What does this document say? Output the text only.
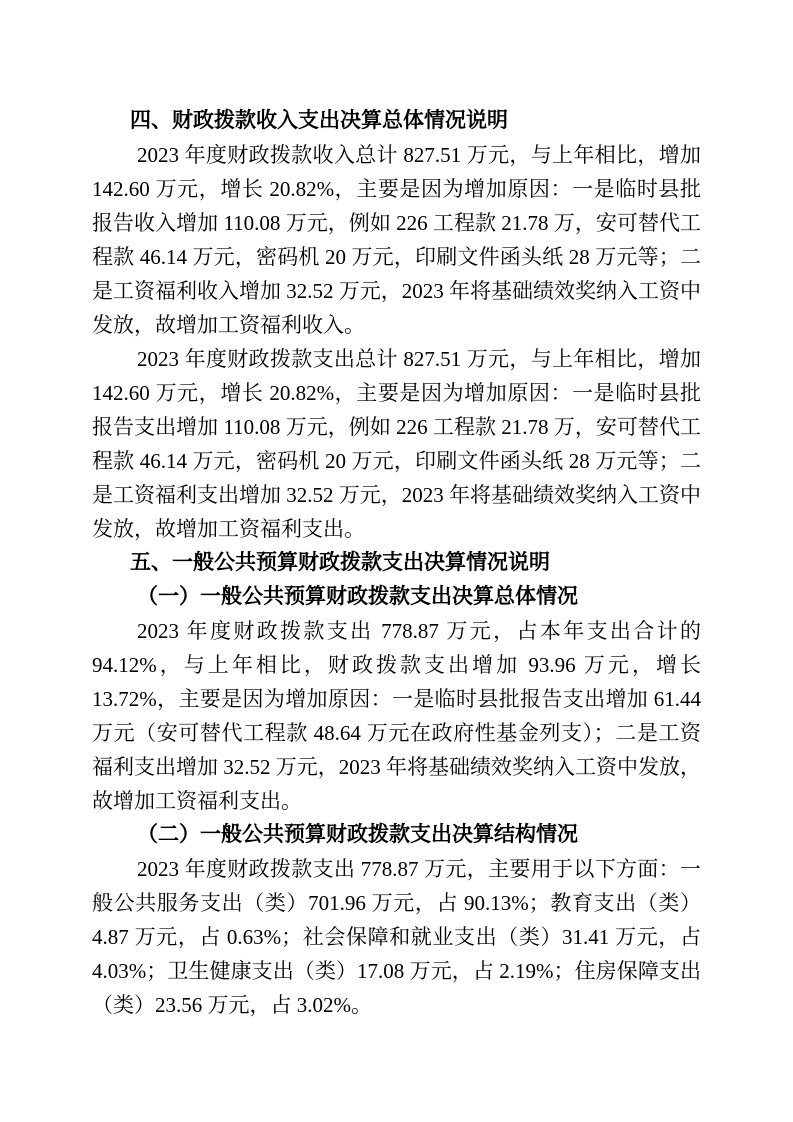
四、财政拨款收入支出决算总体情况说明

2023 年度财政拨款收入总计 827.51 万元，与上年相比，增加 142.60 万元，增长 20.82%，主要是因为增加原因：一是临时县批报告收入增加 110.08 万元，例如 226 工程款 21.78 万，安可替代工程款 46.14 万元，密码机 20 万元，印刷文件函头纸 28 万元等；二是工资福利收入增加 32.52 万元，2023 年将基础绩效奖纳入工资中发放，故增加工资福利收入。

2023 年度财政拨款支出总计 827.51 万元，与上年相比，增加 142.60 万元，增长 20.82%，主要是因为增加原因：一是临时县批报告支出增加 110.08 万元，例如 226 工程款 21.78 万，安可替代工程款 46.14 万元，密码机 20 万元，印刷文件函头纸 28 万元等；二是工资福利支出增加 32.52 万元，2023 年将基础绩效奖纳入工资中发放，故增加工资福利支出。

五、一般公共预算财政拨款支出决算情况说明
（一）一般公共预算财政拨款支出决算总体情况

2023 年度财政拨款支出 778.87 万元，占本年支出合计的 94.12%，与上年相比，财政拨款支出增加 93.96 万元，增长 13.72%，主要是因为增加原因：一是临时县批报告支出增加 61.44 万元（安可替代工程款 48.64 万元在政府性基金列支）；二是工资福利支出增加 32.52 万元，2023 年将基础绩效奖纳入工资中发放，故增加工资福利支出。

（二）一般公共预算财政拨款支出决算结构情况

2023 年度财政拨款支出 778.87 万元，主要用于以下方面：一般公共服务支出（类）701.96 万元，占 90.13%；教育支出（类）4.87 万元，占 0.63%；社会保障和就业支出（类）31.41 万元，占 4.03%；卫生健康支出（类）17.08 万元，占 2.19%；住房保障支出（类）23.56 万元，占 3.02%。
